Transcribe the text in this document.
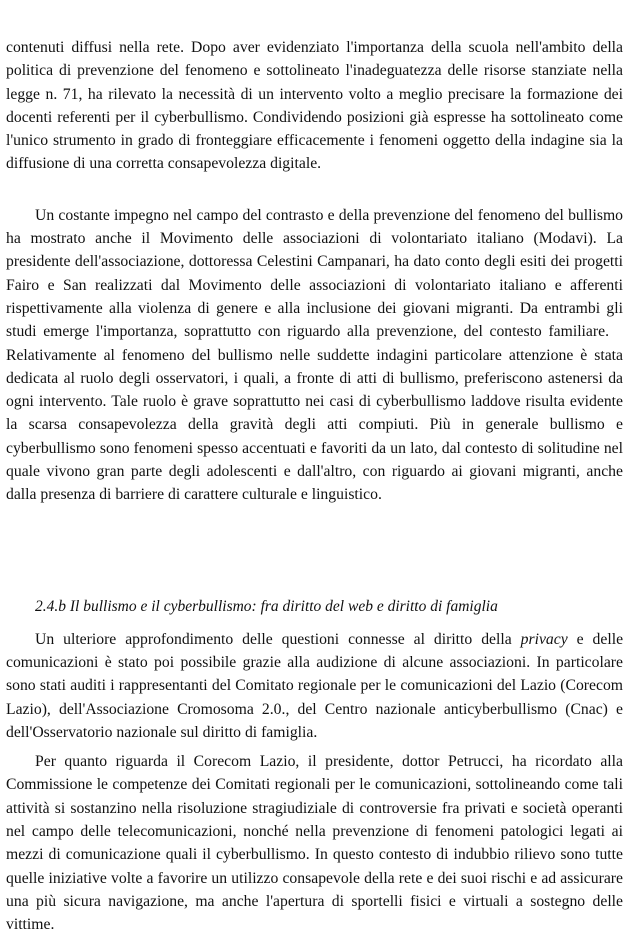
contenuti diffusi nella rete. Dopo aver evidenziato l'importanza della scuola nell'ambito della politica di prevenzione del fenomeno e sottolineato l'inadeguatezza delle risorse stanziate nella legge n. 71, ha rilevato la necessità di un intervento volto a meglio precisare la formazione dei docenti referenti per il cyberbullismo. Condividendo posizioni già espresse ha sottolineato come l'unico strumento in grado di fronteggiare efficacemente i fenomeni oggetto della indagine sia la diffusione di una corretta consapevolezza digitale.

Un costante impegno nel campo del contrasto e della prevenzione del fenomeno del bullismo ha mostrato anche il Movimento delle associazioni di volontariato italiano (Modavi). La presidente dell'associazione, dottoressa Celestini Campanari, ha dato conto degli esiti dei progetti Fairo e San realizzati dal Movimento delle associazioni di volontariato italiano e afferenti rispettivamente alla violenza di genere e alla inclusione dei giovani migranti. Da entrambi gli studi emerge l'importanza, soprattutto con riguardo alla prevenzione, del contesto familiare.Relativamente al fenomeno del bullismo nelle suddette indagini particolare attenzione è stata dedicata al ruolo degli osservatori, i quali, a fronte di atti di bullismo, preferiscono astenersi da ogni intervento. Tale ruolo è grave soprattutto nei casi di cyberbullismo laddove risulta evidente la scarsa consapevolezza della gravità degli atti compiuti. Più in generale bullismo e cyberbullismo sono fenomeni spesso accentuati e favoriti da un lato, dal contesto di solitudine nel quale vivono gran parte degli adolescenti e dall'altro, con riguardo ai giovani migranti, anche dalla presenza di barriere di carattere culturale e linguistico.

2.4.b Il bullismo e il cyberbullismo: fra diritto del web e diritto di famiglia

Un ulteriore approfondimento delle questioni connesse al diritto della privacy e delle comunicazioni è stato poi possibile grazie alla audizione di alcune associazioni. In particolare sono stati auditi i rappresentanti del Comitato regionale per le comunicazioni del Lazio (Corecom Lazio), dell'Associazione Cromosoma 2.0., del Centro nazionale anticyberbullismo (Cnac) e dell'Osservatorio nazionale sul diritto di famiglia.

Per quanto riguarda il Corecom Lazio, il presidente, dottor Petrucci, ha ricordato alla Commissione le competenze dei Comitati regionali per le comunicazioni, sottolineando come tali attività si sostanzino nella risoluzione stragiudiziale di controversie fra privati e società operanti nel campo delle telecomunicazioni, nonché nella prevenzione di fenomeni patologici legati ai mezzi di comunicazione quali il cyberbullismo. In questo contesto di indubbio rilievo sono tutte quelle iniziative volte a favorire un utilizzo consapevole della rete e dei suoi rischi e ad assicurare una più sicura navigazione, ma anche l'apertura di sportelli fisici e virtuali a sostegno delle vittime.
